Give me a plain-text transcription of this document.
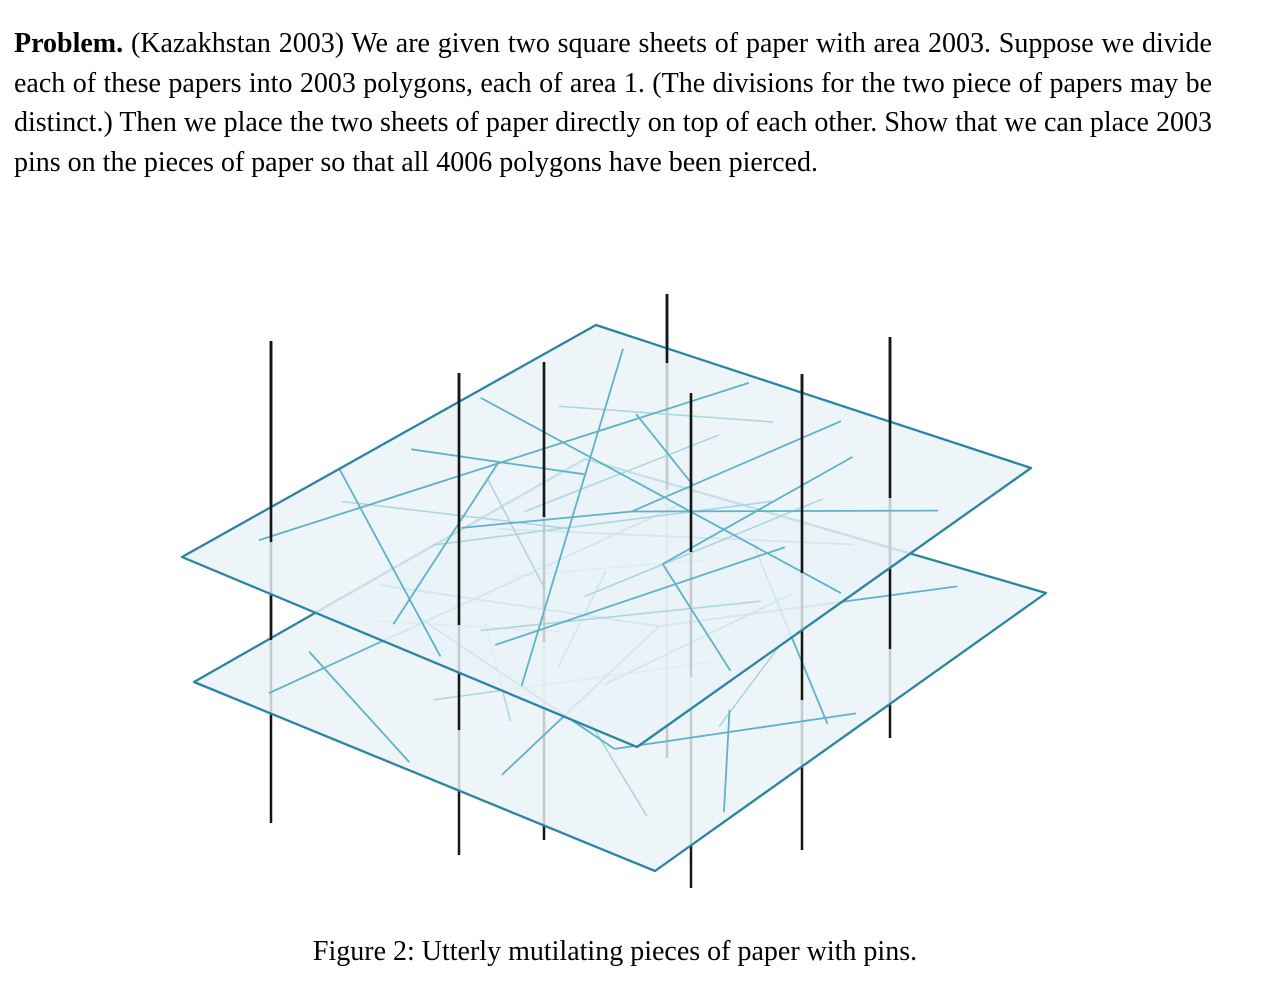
Problem. (Kazakhstan 2003) We are given two square sheets of paper with area 2003. Suppose we divide each of these papers into 2003 polygons, each of area 1. (The divisions for the two piece of papers may be distinct.) Then we place the two sheets of paper directly on top of each other. Show that we can place 2003 pins on the pieces of paper so that all 4006 polygons have been pierced.

Figure 2: Utterly mutilating pieces of paper with pins.
